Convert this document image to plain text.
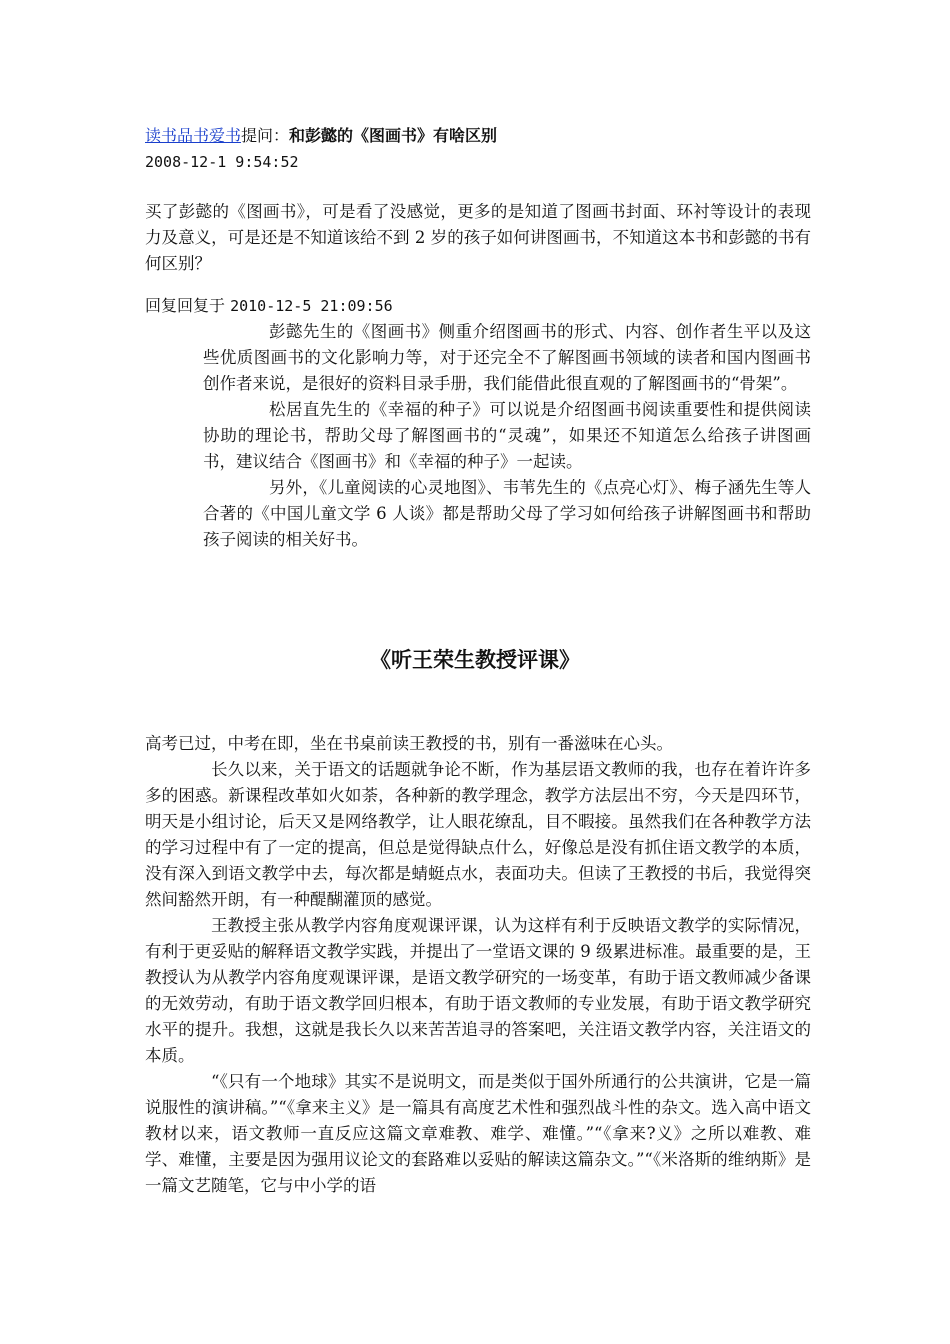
读书品书爱书提问：和彭懿的《图画书》有啥区别
2008-12-1 9:54:52

买了彭懿的《图画书》，可是看了没感觉，更多的是知道了图画书封面、环衬等设计的表现力及意义，可是还是不知道该给不到 2 岁的孩子如何讲图画书，不知道这本书和彭懿的书有何区别？

回复回复于 2010-12-5 21:09:56

彭懿先生的《图画书》侧重介绍图画书的形式、内容、创作者生平以及这些优质图画书的文化影响力等，对于还完全不了解图画书领域的读者和国内图画书创作者来说，是很好的资料目录手册，我们能借此很直观的了解图画书的“骨架”。

松居直先生的《幸福的种子》可以说是介绍图画书阅读重要性和提供阅读协助的理论书，帮助父母了解图画书的“灵魂”，如果还不知道怎么给孩子讲图画书，建议结合《图画书》和《幸福的种子》一起读。

另外，《儿童阅读的心灵地图》、韦苇先生的《点亮心灯》、梅子涵先生等人合著的《中国儿童文学 6 人谈》都是帮助父母了学习如何给孩子讲解图画书和帮助孩子阅读的相关好书。

《听王荣生教授评课》

高考已过，中考在即，坐在书桌前读王教授的书，别有一番滋味在心头。

长久以来，关于语文的话题就争论不断，作为基层语文教师的我，也存在着许许多多的困惑。新课程改革如火如荼，各种新的教学理念，教学方法层出不穷，今天是四环节，明天是小组讨论，后天又是网络教学，让人眼花缭乱，目不暇接。虽然我们在各种教学方法的学习过程中有了一定的提高，但总是觉得缺点什么，好像总是没有抓住语文教学的本质，没有深入到语文教学中去，每次都是蜻蜓点水，表面功夫。但读了王教授的书后，我觉得突然间豁然开朗，有一种醍醐灌顶的感觉。

王教授主张从教学内容角度观课评课，认为这样有利于反映语文教学的实际情况，有利于更妥贴的解释语文教学实践，并提出了一堂语文课的 9 级累进标准。最重要的是，王教授认为从教学内容角度观课评课，是语文教学研究的一场变革，有助于语文教师减少备课的无效劳动，有助于语文教学回归根本，有助于语文教师的专业发展，有助于语文教学研究水平的提升。我想，这就是我长久以来苦苦追寻的答案吧，关注语文教学内容，关注语文的本质。

“《只有一个地球》其实不是说明文，而是类似于国外所通行的公共演讲，它是一篇说服性的演讲稿。”“《拿来主义》是一篇具有高度艺术性和强烈战斗性的杂文。选入高中语文教材以来，语文教师一直反应这篇文章难教、难学、难懂。”“《拿来?义》之所以难教、难学、难懂，主要是因为强用议论文的套路难以妥贴的解读这篇杂文。”“《米洛斯的维纳斯》是一篇文艺随笔，它与中小学的语
